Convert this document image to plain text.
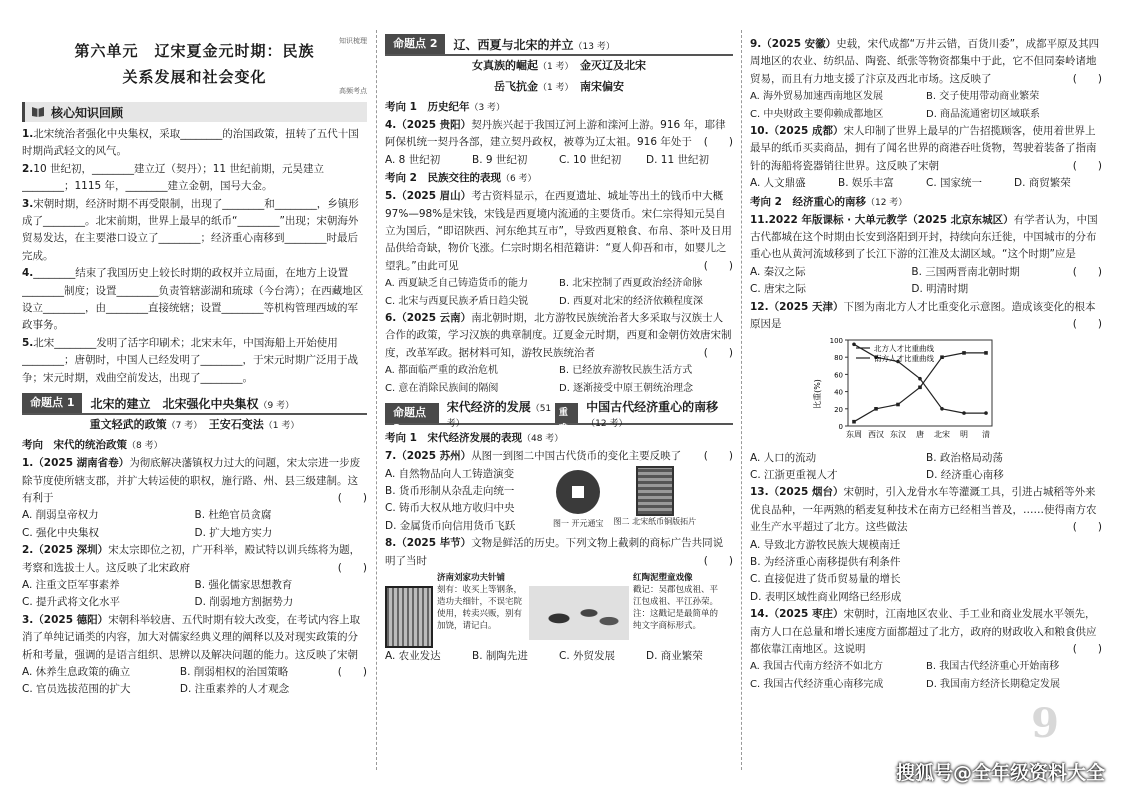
知识梳理
第六单元　辽宋夏金元时期：民族
关系发展和社会变化
高频考点
核心知识回顾
1.北宋统治者强化中央集权，采取________的治国政策，扭转了五代十国时期尚武轻文的风气。
2.10 世纪初，________建立辽（契丹）；11 世纪前期，元昊建立________；1115 年，________建立金朝，国号大金。
3.宋朝时期，经济时期不再受限制，出现了________和________，乡镇形成了________。北宋前期，世界上最早的纸币“________”出现；宋朝海外贸易发达，在主要港口设立了________；经济重心南移到________时最后完成。
4.________结束了我国历史上较长时期的政权并立局面，在地方上设置________制度；设置________负责管辖澎湖和琉球（今台湾）；在西藏地区设立________，由________直接统辖；设置________等机构管理西域的军政事务。
5.北宋________发明了活字印刷术；北宋末年，中国海船上开始使用________；唐朝时，中国人已经发明了________，于宋元时期广泛用于战争；宋元时期，戏曲空前发达，出现了________。
命题点 1	北宋的建立　北宋强化中央集权（9 考）
重文轻武的政策（7 考）　 王安石变法（1 考）
考向　宋代的统治政策（8 考）
1.（2025 湖南省卷）为彻底解决藩镇权力过大的问题，宋太宗进一步废除节度使所辖支郡，并扩大转运使的职权，施行路、州、县三级建制。这有利于	(　　)
A. 削弱皇帝权力	B. 杜绝官员贪腐
C. 强化中央集权	D. 扩大地方实力
2.（2025 深圳）宋太宗即位之初，广开科举，殿试特以训兵练将为题，考察和选拔士人。这反映了北宋政府	(　　)
A. 注重文臣军事素养	B. 强化儒家思想教育
C. 提升武将文化水平	D. 削弱地方割据势力
3.（2025 德阳）宋朝科举较唐、五代时期有较大改变，在考试内容上取消了单纯记诵类的内容，加大对儒家经典义理的阐释以及对现实政策的分析和考量，强调的是语言组织、思辨以及解决问题的能力。这反映了宋朝
(　　)
A. 休养生息政策的确立	B. 削弱相权的治国策略
C. 官员选拔范围的扩大	D. 注重素养的人才观念
命题点 2	辽、西夏与北宋的并立（13 考）
女真族的崛起（1 考）　 金灭辽及北宋
岳飞抗金（1 考）　 南宋偏安
考向 1　历史纪年（3 考）
4.（2025 贵阳）契丹族兴起于我国辽河上游和滦河上游。916 年，耶律阿保机统一契丹各部，建立契丹政权，被尊为辽太祖。916 年处于 (　　)
A. 8 世纪初	B. 9 世纪初	C. 10 世纪初	D. 11 世纪初
考向 2　民族交往的表现（6 考）
5.（2025 眉山）考古资料显示，在西夏遗址、城址等出土的钱币中大概 97%—98%是宋钱，宋钱是西夏境内流通的主要货币。宋仁宗得知元昊自立为国后，“即诏陕西、河东绝其互市”，导致西夏粮食、布帛、茶叶及日用品供给奇缺，物价飞涨。仁宗时期名相范籍讲：“夏人仰吾和市，如婴儿之望乳。”由此可见	(　　)
A. 西夏缺乏自己铸造货币的能力	B. 北宋控制了西夏政治经济命脉
C. 北宋与西夏民族矛盾日趋尖锐	D. 西夏对北宋的经济依赖程度深
6.（2025 云南）南北朝时期，北方游牧民族统治者大多采取与汉族士人合作的政策，学习汉族的典章制度。辽夏金元时期，西夏和金朝仿效唐宋制度，改革军政。据材料可知，游牧民族统治者	(　　)
A. 都面临严重的政治危机	B. 已经放弃游牧民族生活方式
C. 意在消除民族间的隔阂	D. 逐渐接受中原王朝统治理念
命题点 3
宋代经济的发展（51 考）
重难
中国古代经济重心的南移（12 考）
考向 1　宋代经济发展的表现（48 考）
7.（2025 苏州）从图一到图二中国古代货币的变化主要反映了 (　　)
A. 自然物品向人工铸造演变
B. 货币形制从杂乱走向统一
C. 铸币大权从地方收归中央
D. 金属货币向信用货币飞跃	图一 开元通宝 图二 北宋纸币铜版拓片
8.（2025 毕节）文物是鲜活的历史。下列文物上截刺的商标广告共同说明了当时	(　　)
济南刘家功夫针铺
刻有：收买上等钢条，造功夫细针，不误宅院使用，转卖兴贩，别有加饶，请记白。
红陶泥塑童戏像
戳记：吴郡包成祖、平江包成祖、平江孙荣。注：这戳记是最简单的纯文字商标形式。
A. 农业发达	B. 制陶先进	C. 外贸发展	D. 商业繁荣
9.（2025 安徽）史载，宋代成都“万井云错，百货川委”，成都平原及其四周地区的农业、纺织品、陶瓷、纸张等物资都集中于此，它不但同秦岭诸地贸易，而且有力地支援了汴京及西北市场。这反映了	(　　)
A. 海外贸易加速西南地区发展	B. 交子使用带动商业繁荣
C. 中央财政主要仰赖成都地区	D. 商品流通密切区域联系
10.（2025 成都）宋人印制了世界上最早的广告招揽顾客，使用着世界上最早的纸币买卖商品，拥有了闻名世界的商港吞吐货物，驾驶着装备了指南针的海船将瓷器销往世界。这反映了宋朝	(　　)
A. 人文鼎盛	B. 娱乐丰富	C. 国家统一	D. 商贸繁荣
考向 2　经济重心的南移（12 考）
11.2022 年版课标 · 大单元教学（2025 北京东城区）有学者认为，中国古代都城在这个时期由长安到洛阳到开封，持续向东迁徙，中国城市的分布重心也从黄河流域移到了长江下游的江淮及太湖区域。“这个时期”应是
(　　)
A. 秦汉之际	B. 三国两晋南北朝时期
C. 唐宋之际	D. 明清时期
12.（2025 天津）下图为南北方人才比重变化示意图。造成该变化的根本原因是	(　　)
比重(%)
0
20
40
60
80
100
东周 西汉 东汉 唐 北宋 明 清
北方人才比重曲线
南方人才比重曲线
A. 人口的流动	B. 政治格局动荡
C. 江浙更重视人才	D. 经济重心南移
13.（2025 烟台）宋朝时，引入龙骨水车等灌溉工具，引进占城稻等外来优良品种，一年两熟的稻麦复种技术在南方已经相当普及，……使得南方农业生产水平超过了北方。这些做法	(　　)
A. 导致北方游牧民族大规模南迁
B. 为经济重心南移提供有利条件
C. 直接促进了货币贸易量的增长
D. 表明区域性商业网络已经形成
14.（2025 枣庄）宋朝时，江南地区农业、手工业和商业发展水平领先，南方人口在总量和增长速度方面都超过了北方，政府的财政收入和粮食供应都依靠江南地区。这说明	(　　)
A. 我国古代南方经济不如北方	B. 我国古代经济重心开始南移
C. 我国古代经济重心南移完成	D. 我国南方经济长期稳定发展
9
搜狐号@全年级资料大全
